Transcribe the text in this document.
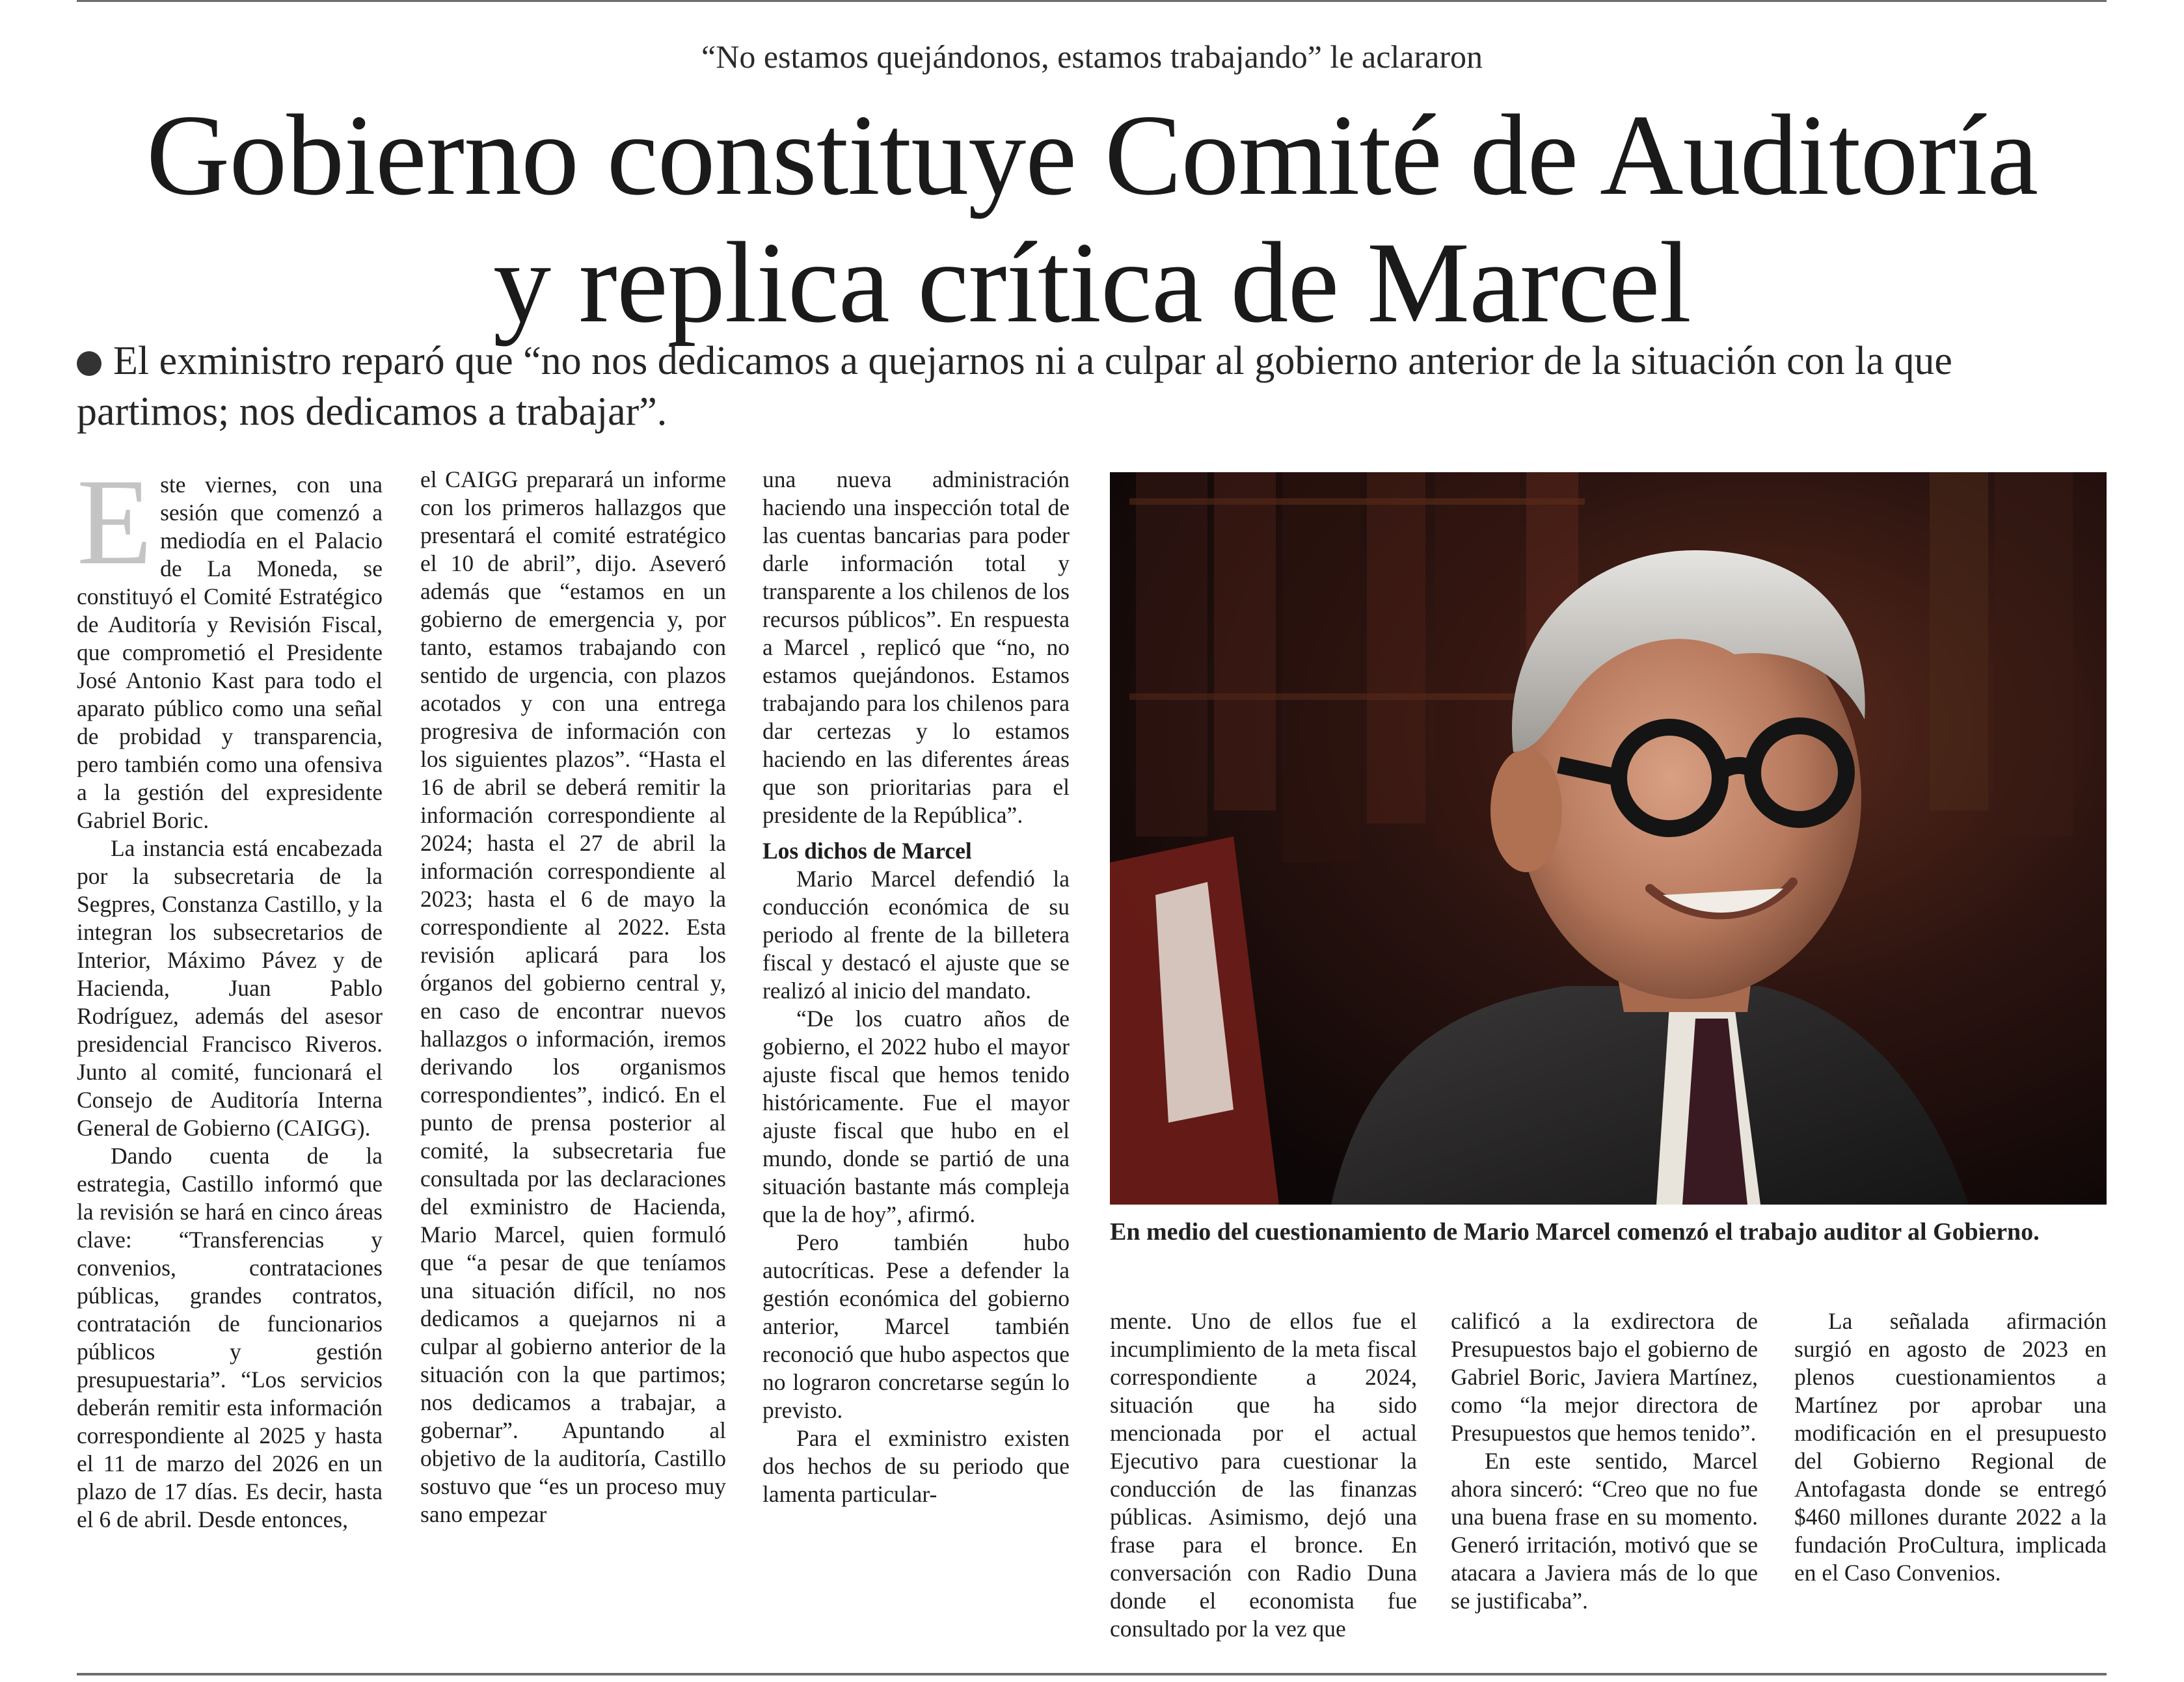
“No estamos quejándonos, estamos trabajando” le aclararon

Gobierno constituye Comité de Auditoría
y replica crítica de Marcel

El exministro reparó que “no nos dedicamos a quejarnos ni a culpar al gobierno anterior de la situación con la que partimos; nos dedicamos a trabajar”.

Este viernes, con una sesión que comenzó a mediodía en el Palacio de La Moneda, se constituyó el Comité Estratégico de Auditoría y Revisión Fiscal, que comprometió el Presidente José Antonio Kast para todo el aparato público como una señal de probidad y transparencia, pero también como una ofensiva a la gestión del expresidente Gabriel Boric.

La instancia está encabezada por la subsecretaria de la Segpres, Constanza Castillo, y la integran los subsecretarios de Interior, Máximo Pávez y de Hacienda, Juan Pablo Rodríguez, además del asesor presidencial Francisco Riveros. Junto al comité, funcionará el Consejo de Auditoría Interna General de Gobierno (CAIGG).

Dando cuenta de la estrategia, Castillo informó que la revisión se hará en cinco áreas clave: “Transferencias y convenios, contrataciones públicas, grandes contratos, contratación de funcionarios públicos y gestión presupuestaria”. “Los servicios deberán remitir esta información correspondiente al 2025 y hasta el 11 de marzo del 2026 en un plazo de 17 días. Es decir, hasta el 6 de abril. Desde entonces,

el CAIGG preparará un informe con los primeros hallazgos que presentará el comité estratégico el 10 de abril”, dijo. Aseveró además que “estamos en un gobierno de emergencia y, por tanto, estamos trabajando con sentido de urgencia, con plazos acotados y con una entrega progresiva de información con los siguientes plazos”. “Hasta el 16 de abril se deberá remitir la información correspondiente al 2024; hasta el 27 de abril la información correspondiente al 2023; hasta el 6 de mayo la correspondiente al 2022. Esta revisión aplicará para los órganos del gobierno central y, en caso de encontrar nuevos hallazgos o información, iremos derivando los organismos correspondientes”, indicó. En el punto de prensa posterior al comité, la subsecretaria fue consultada por las declaraciones del exministro de Hacienda, Mario Marcel, quien formuló que “a pesar de que teníamos una situación difícil, no nos dedicamos a quejarnos ni a culpar al gobierno anterior de la situación con la que partimos; nos dedicamos a trabajar, a gobernar”. Apuntando al objetivo de la auditoría, Castillo sostuvo que “es un proceso muy sano empezar

una nueva administración haciendo una inspección total de las cuentas bancarias para poder darle información total y transparente a los chilenos de los recursos públicos”. En respuesta a Marcel , replicó que “no, no estamos quejándonos. Estamos trabajando para los chilenos para dar certezas y lo estamos haciendo en las diferentes áreas que son prioritarias para el presidente de la República”.

Los dichos de Marcel

Mario Marcel defendió la conducción económica de su periodo al frente de la billetera fiscal y destacó el ajuste que se realizó al inicio del mandato.

“De los cuatro años de gobierno, el 2022 hubo el mayor ajuste fiscal que hemos tenido históricamente. Fue el mayor ajuste fiscal que hubo en el mundo, donde se partió de una situación bastante más compleja que la de hoy”, afirmó.

Pero también hubo autocríticas. Pese a defender la gestión económica del gobierno anterior, Marcel también reconoció que hubo aspectos que no lograron concretarse según lo previsto.

Para el exministro existen dos hechos de su periodo que lamenta particular-

En medio del cuestionamiento de Mario Marcel comenzó el trabajo auditor al Gobierno.

mente. Uno de ellos fue el incumplimiento de la meta fiscal correspondiente a 2024, situación que ha sido mencionada por el actual Ejecutivo para cuestionar la conducción de las finanzas públicas. Asimismo, dejó una frase para el bronce. En conversación con Radio Duna donde el economista fue consultado por la vez que

calificó a la exdirectora de Presupuestos bajo el gobierno de Gabriel Boric, Javiera Martínez, como “la mejor directora de Presupuestos que hemos tenido”.

En este sentido, Marcel ahora sinceró: “Creo que no fue una buena frase en su momento. Generó irritación, motivó que se atacara a Javiera más de lo que se justificaba”.

La señalada afirmación surgió en agosto de 2023 en plenos cuestionamientos a Martínez por aprobar una modificación en el presupuesto del Gobierno Regional de Antofagasta donde se entregó $460 millones durante 2022 a la fundación ProCultura, implicada en el Caso Convenios.
